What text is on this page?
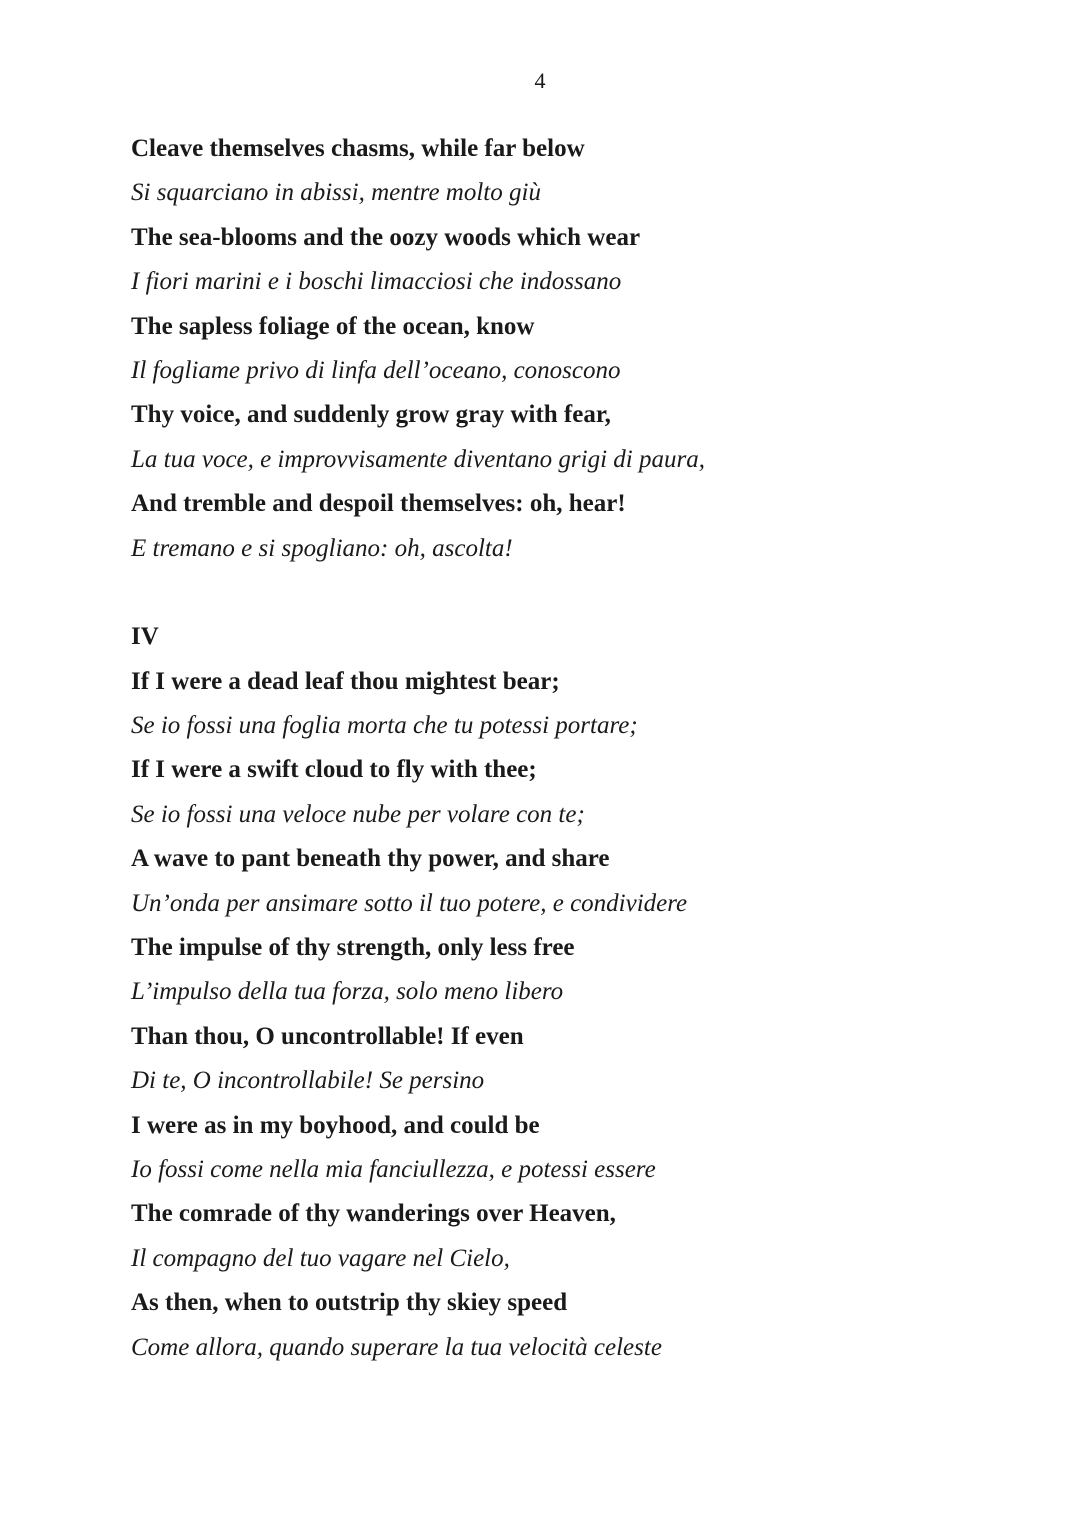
4
Cleave themselves chasms, while far below
Si squarciano in abissi, mentre molto giù
The sea-blooms and the oozy woods which wear
I fiori marini e i boschi limacciosi che indossano
The sapless foliage of the ocean, know
Il fogliame privo di linfa dell’oceano, conoscono
Thy voice, and suddenly grow gray with fear,
La tua voce, e improvvisamente diventano grigi di paura,
And tremble and despoil themselves: oh, hear!
E tremano e si spogliano: oh, ascolta!
IV
If I were a dead leaf thou mightest bear;
Se io fossi una foglia morta che tu potessi portare;
If I were a swift cloud to fly with thee;
Se io fossi una veloce nube per volare con te;
A wave to pant beneath thy power, and share
Un’onda per ansimare sotto il tuo potere, e condividere
The impulse of thy strength, only less free
L’impulso della tua forza, solo meno libero
Than thou, O uncontrollable! If even
Di te, O incontrollabile! Se persino
I were as in my boyhood, and could be
Io fossi come nella mia fanciullezza, e potessi essere
The comrade of thy wanderings over Heaven,
Il compagno del tuo vagare nel Cielo,
As then, when to outstrip thy skiey speed
Come allora, quando superare la tua velocità celeste
